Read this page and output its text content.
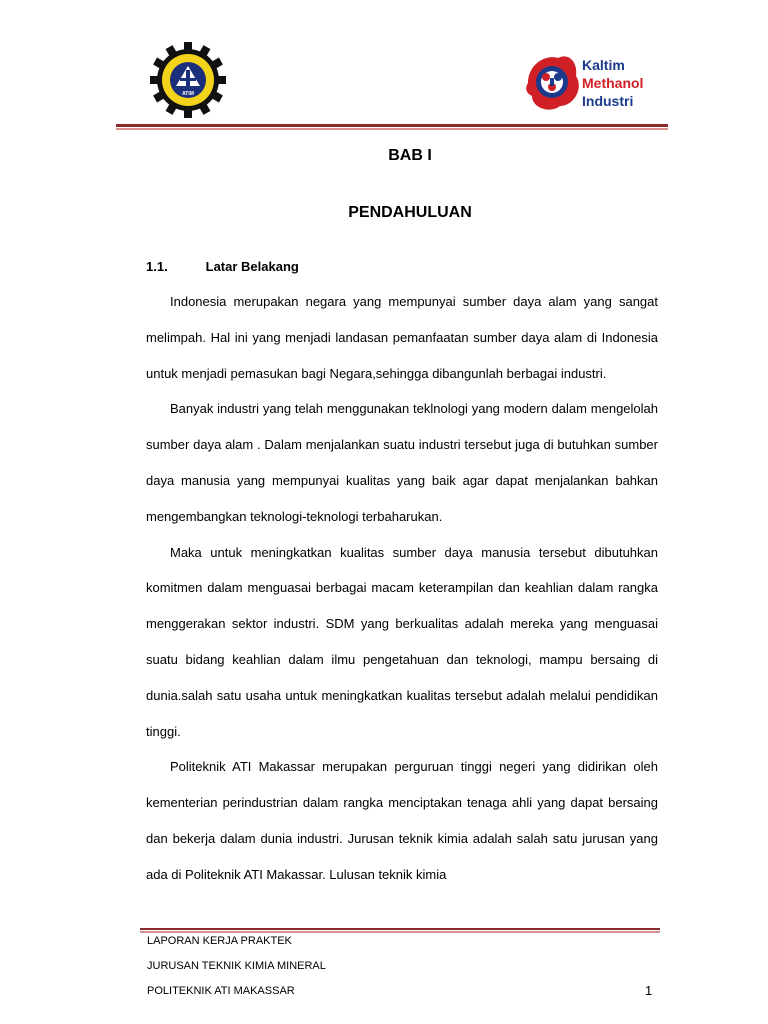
ATIM
Kaltim
Methanol
Industri
BAB I
PENDAHULUAN
1.1.	Latar Belakang

Indonesia merupakan negara yang mempunyai sumber daya alam yang sangat melimpah. Hal ini yang menjadi landasan pemanfaatan sumber daya alam di Indonesia untuk menjadi pemasukan bagi Negara,sehingga dibangunlah berbagai industri.

Banyak industri yang telah menggunakan teklnologi yang modern dalam mengelolah sumber daya alam . Dalam menjalankan suatu industri tersebut juga di butuhkan sumber daya manusia yang mempunyai kualitas yang baik agar dapat menjalankan bahkan mengembangkan teknologi-teknologi terbaharukan.

Maka untuk meningkatkan kualitas sumber daya manusia tersebut dibutuhkan komitmen dalam menguasai berbagai macam keterampilan dan keahlian dalam rangka menggerakan sektor industri. SDM yang berkualitas adalah mereka yang menguasai suatu bidang keahlian dalam ilmu pengetahuan dan teknologi, mampu bersaing di dunia.salah satu usaha untuk meningkatkan kualitas tersebut adalah melalui pendidikan tinggi.

Politeknik ATI Makassar merupakan perguruan tinggi negeri yang didirikan oleh kementerian perindustrian dalam rangka menciptakan tenaga ahli yang dapat bersaing dan bekerja dalam dunia industri. Jurusan teknik kimia adalah salah satu jurusan yang ada di Politeknik ATI Makassar. Lulusan teknik kimia

LAPORAN KERJA PRAKTEK
JURUSAN TEKNIK KIMIA MINERAL
POLITEKNIK ATI MAKASSAR	1
